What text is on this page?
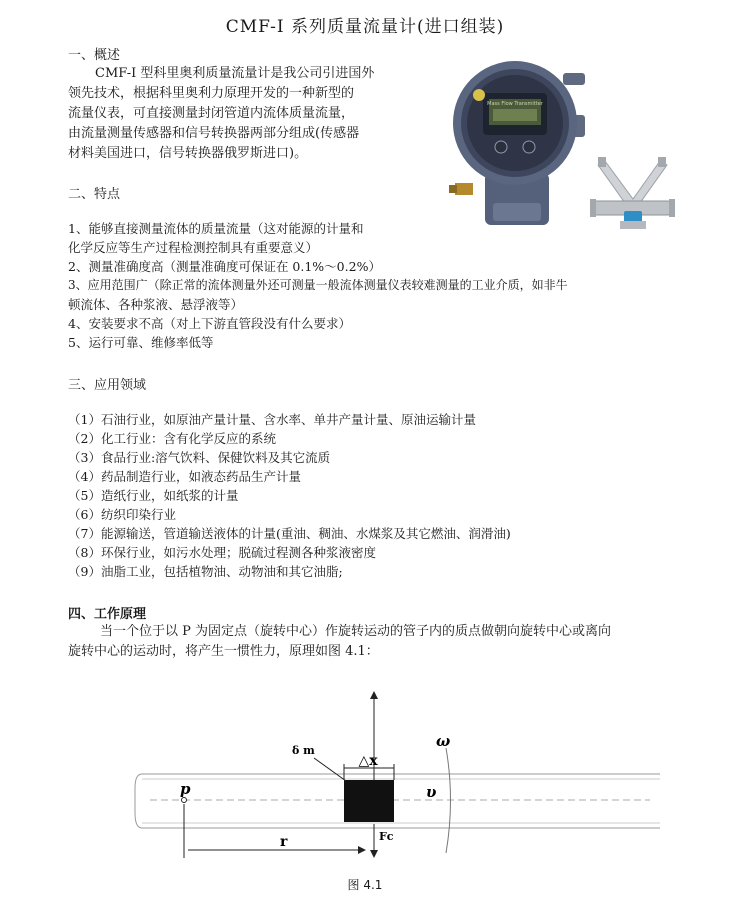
CMF-I 系列质量流量计(进口组装)
一、概述
CMF-I 型科里奥利质量流量计是我公司引进国外
领先技术，根据科里奥利力原理开发的一种新型的
流量仪表，可直接测量封闭管道内流体质量流量，
由流量测量传感器和信号转换器两部分组成(传感器
材料美国进口，信号转换器俄罗斯进口)。
Mass Flow Transmitter
二、特点
1、能够直接测量流体的质量流量（这对能源的计量和
化学反应等生产过程检测控制具有重要意义）
2、测量准确度高（测量准确度可保证在 0.1%～0.2%）
3、应用范围广（除正常的流体测量外还可测量一般流体测量仪表较难测量的工业介质，如非牛
顿流体、各种浆液、悬浮液等）
4、安装要求不高（对上下游直管段没有什么要求）
5、运行可靠、维修率低等
三、应用领域
（1）石油行业，如原油产量计量、含水率、单井产量计量、原油运输计量
（2）化工行业：含有化学反应的系统
（3）食品行业:溶气饮料、保健饮料及其它流质
（4）药品制造行业，如液态药品生产计量
（5）造纸行业，如纸浆的计量
（6）纺织印染行业
（7）能源输送，管道输送液体的计量(重油、稠油、水煤浆及其它燃油、润滑油)
（8）环保行业，如污水处理；脱硫过程测各种浆液密度
（9）油脂工业，包括植物油、动物油和其它油脂;
四、工作原理
当一个位于以 P 为固定点（旋转中心）作旋转运动的管子内的质点做朝向旋转中心或离向
旋转中心的运动时，将产生一惯性力，原理如图 4.1：
△x
δ m
ω
p	υ
Fc
r
图 4.1
